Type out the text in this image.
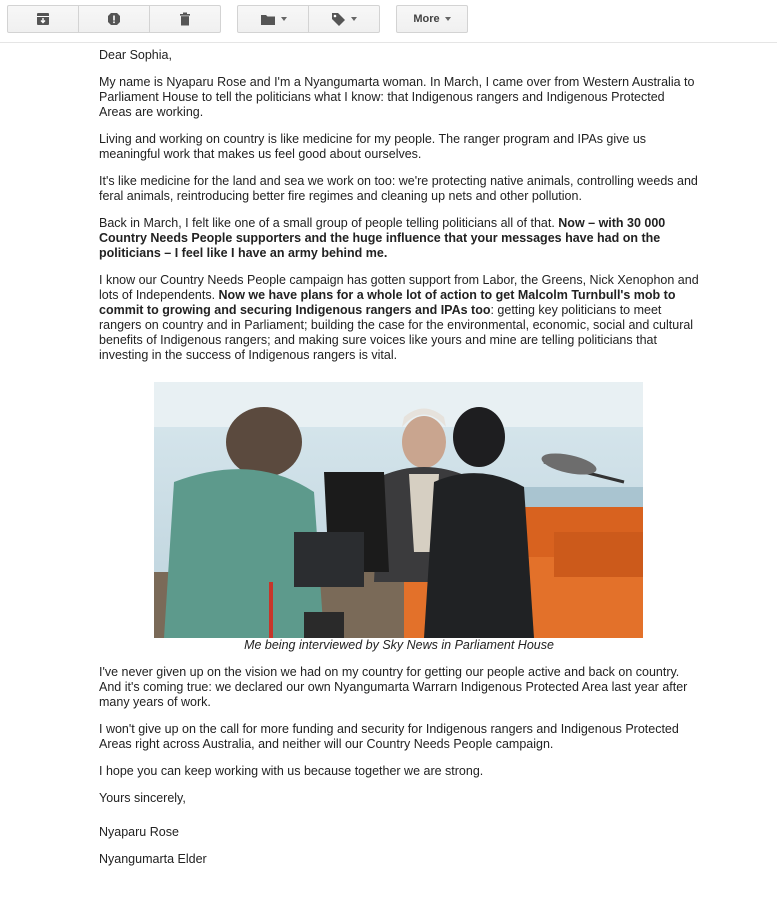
More

Dear Sophia,

My name is Nyaparu Rose and I'm a Nyangumarta woman. In March, I came over from Western Australia to Parliament House to tell the politicians what I know: that Indigenous rangers and Indigenous Protected Areas are working.

Living and working on country is like medicine for my people. The ranger program and IPAs give us meaningful work that makes us feel good about ourselves.

It's like medicine for the land and sea we work on too: we're protecting native animals, controlling weeds and feral animals, reintroducing better fire regimes and cleaning up nets and other pollution.

Back in March, I felt like one of a small group of people telling politicians all of that. Now – with 30 000 Country Needs People supporters and the huge influence that your messages have had on the politicians – I feel like I have an army behind me.

I know our Country Needs People campaign has gotten support from Labor, the Greens, Nick Xenophon and lots of Independents. Now we have plans for a whole lot of action to get Malcolm Turnbull's mob to commit to growing and securing Indigenous rangers and IPAs too: getting key politicians to meet rangers on country and in Parliament; building the case for the environmental, economic, social and cultural benefits of Indigenous rangers; and making sure voices like yours and mine are telling politicians that investing in the success of Indigenous rangers is vital.

Me being interviewed by Sky News in Parliament House

I've never given up on the vision we had on my country for getting our people active and back on country. And it's coming true: we declared our own Nyangumarta Warrarn Indigenous Protected Area last year after many years of work.

I won't give up on the call for more funding and security for Indigenous rangers and Indigenous Protected Areas right across Australia, and neither will our Country Needs People campaign.

I hope you can keep working with us because together we are strong.

Yours sincerely,

Nyaparu Rose

Nyangumarta Elder
